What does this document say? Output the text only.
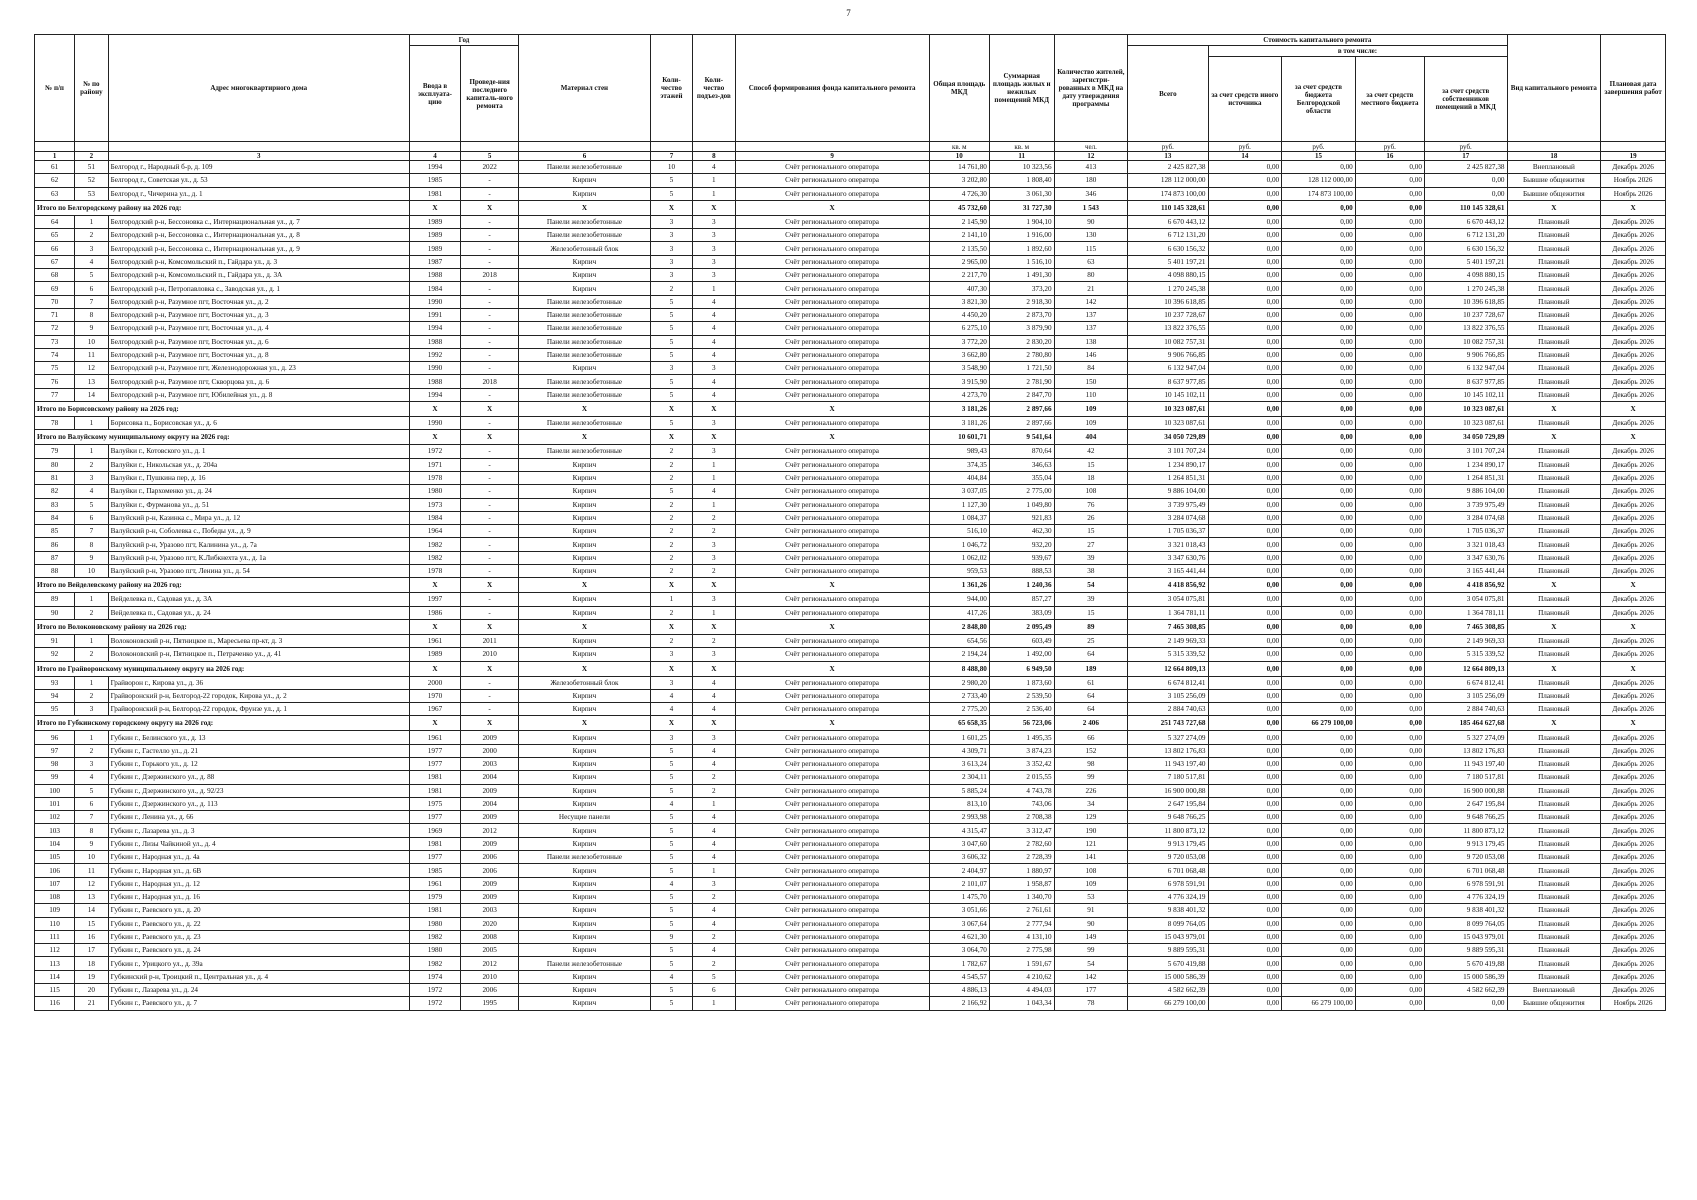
7
№ п/п	№ по району	Адрес многоквартирного дома	Год		Материал стен	Коли-чество этажей	Коли-чество подъез-дов	Способ формирования фонда капитального ремонта	Общая площадь МКД	Суммарная площадь жилых и нежилых помещений МКД	Количество жителей, зарегистри-рованных в МКД на дату утверждения программы	Стоимость капитального ремонта					Вид капитального ремонта	Плановая дата завершения работ
			Ввода в эксплуата-цию	Проведе-ния последнего капиталь-ного ремонта								Всего	в том числе:					
													за счет средств иного источника	за счет средств бюджета Белгородской области	за счет средств местного бюджета	за счет средств собственников помещений в МКД		
									кв. м	кв. м	чел.	руб.	руб.	руб.	руб.	руб.		
1	2	3	4	5	6	7	8	9	10	11	12	13	14	15	16	17	18	19
61	51	Белгород г., Народный б-р, д. 109	1994	2022	Панели железобетонные	10	4	Счёт регионального оператора	14 761,80	10 323,56	413	2 425 827,38	0,00	0,00	0,00	2 425 827,38	Внеплановый	Декабрь 2026
62	52	Белгород г., Советская ул., д. 53	1985	-	Кирпич	5	1	Счёт регионального оператора	3 202,80	1 808,40	180	128 112 000,00	0,00	128 112 000,00	0,00	0,00	Бывшие общежития	Ноябрь 2026
63	53	Белгород г., Чичерина ул., д. 1	1981	-	Кирпич	5	1	Счёт регионального оператора	4 726,30	3 061,30	346	174 873 100,00	0,00	174 873 100,00	0,00	0,00	Бывшие общежития	Ноябрь 2026
Итого по Белгородскому району на 2026 год:			X	X	X	X	X	X	45 732,60	31 727,30	1 543	110 145 328,61	0,00	0,00	0,00	110 145 328,61	X	X
64	1	Белгородский р-н, Бессоновка с., Интернациональная ул., д. 7	1989	-	Панели железобетонные	3	3	Счёт регионального оператора	2 145,90	1 904,10	90	6 670 443,12	0,00	0,00	0,00	6 670 443,12	Плановый	Декабрь 2026
65	2	Белгородский р-н, Бессоновка с., Интернациональная ул., д. 8	1989	-	Панели железобетонные	3	3	Счёт регионального оператора	2 141,10	1 916,00	130	6 712 131,20	0,00	0,00	0,00	6 712 131,20	Плановый	Декабрь 2026
66	3	Белгородский р-н, Бессоновка с., Интернациональная ул., д. 9	1989	-	Железобетонный блок	3	3	Счёт регионального оператора	2 135,50	1 892,60	115	6 630 156,32	0,00	0,00	0,00	6 630 156,32	Плановый	Декабрь 2026
67	4	Белгородский р-н, Комсомольский п., Гайдара ул., д. 3	1987	-	Кирпич	3	3	Счёт регионального оператора	2 965,00	1 516,10	63	5 401 197,21	0,00	0,00	0,00	5 401 197,21	Плановый	Декабрь 2026
68	5	Белгородский р-н, Комсомольский п., Гайдара ул., д. 3А	1988	2018	Кирпич	3	3	Счёт регионального оператора	2 217,70	1 491,30	80	4 098 880,15	0,00	0,00	0,00	4 098 880,15	Плановый	Декабрь 2026
69	6	Белгородский р-н, Петропавловка с., Заводская ул., д. 1	1984	-	Кирпич	2	1	Счёт регионального оператора	407,30	373,20	21	1 270 245,38	0,00	0,00	0,00	1 270 245,38	Плановый	Декабрь 2026
70	7	Белгородский р-н, Разумное пгт, Восточная ул., д. 2	1990	-	Панели железобетонные	5	4	Счёт регионального оператора	3 821,30	2 918,30	142	10 396 618,85	0,00	0,00	0,00	10 396 618,85	Плановый	Декабрь 2026
71	8	Белгородский р-н, Разумное пгт, Восточная ул., д. 3	1991	-	Панели железобетонные	5	4	Счёт регионального оператора	4 450,20	2 873,70	137	10 237 728,67	0,00	0,00	0,00	10 237 728,67	Плановый	Декабрь 2026
72	9	Белгородский р-н, Разумное пгт, Восточная ул., д. 4	1994	-	Панели железобетонные	5	4	Счёт регионального оператора	6 275,10	3 879,90	137	13 822 376,55	0,00	0,00	0,00	13 822 376,55	Плановый	Декабрь 2026
73	10	Белгородский р-н, Разумное пгт, Восточная ул., д. 6	1988	-	Панели железобетонные	5	4	Счёт регионального оператора	3 772,20	2 830,20	138	10 082 757,31	0,00	0,00	0,00	10 082 757,31	Плановый	Декабрь 2026
74	11	Белгородский р-н, Разумное пгт, Восточная ул., д. 8	1992	-	Панели железобетонные	5	4	Счёт регионального оператора	3 662,80	2 780,80	146	9 906 766,85	0,00	0,00	0,00	9 906 766,85	Плановый	Декабрь 2026
75	12	Белгородский р-н, Разумное пгт, Железнодорожная ул., д. 23	1990	-	Кирпич	3	3	Счёт регионального оператора	3 548,90	1 721,50	84	6 132 947,04	0,00	0,00	0,00	6 132 947,04	Плановый	Декабрь 2026
76	13	Белгородский р-н, Разумное пгт, Скворцова ул., д. 6	1988	2018	Панели железобетонные	5	4	Счёт регионального оператора	3 915,90	2 781,90	150	8 637 977,85	0,00	0,00	0,00	8 637 977,85	Плановый	Декабрь 2026
77	14	Белгородский р-н, Разумное пгт, Юбилейная ул., д. 8	1994	-	Панели железобетонные	5	4	Счёт регионального оператора	4 273,70	2 847,70	110	10 145 102,11	0,00	0,00	0,00	10 145 102,11	Плановый	Декабрь 2026
Итого по Борисовскому району на 2026 год:			X	X	X	X	X	X	3 181,26	2 897,66	109	10 323 087,61	0,00	0,00	0,00	10 323 087,61	X	X
78	1	Борисовка п., Борисовская ул., д. 6	1990	-	Панели железобетонные	5	3	Счёт регионального оператора	3 181,26	2 897,66	109	10 323 087,61	0,00	0,00	0,00	10 323 087,61	Плановый	Декабрь 2026
Итого по Валуйскому муниципальному округу на 2026 год:			X	X	X	X	X	X	10 601,71	9 541,64	404	34 050 729,89	0,00	0,00	0,00	34 050 729,89	X	X
79	1	Валуйки г., Котовского ул., д. 1	1972	-	Панели железобетонные	2	3	Счёт регионального оператора	989,43	870,64	42	3 101 707,24	0,00	0,00	0,00	3 101 707,24	Плановый	Декабрь 2026
80	2	Валуйки г., Никольская ул., д. 204а	1971	-	Кирпич	2	1	Счёт регионального оператора	374,35	346,63	15	1 234 890,17	0,00	0,00	0,00	1 234 890,17	Плановый	Декабрь 2026
81	3	Валуйки г., Пушкина пер, д. 16	1978	-	Кирпич	2	1	Счёт регионального оператора	404,84	355,04	18	1 264 851,31	0,00	0,00	0,00	1 264 851,31	Плановый	Декабрь 2026
82	4	Валуйки г., Пархоменко ул., д. 24	1980	-	Кирпич	5	4	Счёт регионального оператора	3 037,05	2 775,00	108	9 886 104,00	0,00	0,00	0,00	9 886 104,00	Плановый	Декабрь 2026
83	5	Валуйки г., Фурманова ул., д. 51	1973	-	Кирпич	2	1	Счёт регионального оператора	1 127,30	1 049,80	76	3 739 975,49	0,00	0,00	0,00	3 739 975,49	Плановый	Декабрь 2026
84	6	Валуйский р-н, Казинка с., Мира ул., д. 12	1984	-	Кирпич	2	2	Счёт регионального оператора	1 084,37	921,83	26	3 284 074,68	0,00	0,00	0,00	3 284 074,68	Плановый	Декабрь 2026
85	7	Валуйский р-н, Соболевка с., Победы ул., д. 9	1964	-	Кирпич	2	2	Счёт регионального оператора	516,10	462,30	15	1 705 036,37	0,00	0,00	0,00	1 705 036,37	Плановый	Декабрь 2026
86	8	Валуйский р-н, Уразово пгт, Калинина ул., д. 7а	1982	-	Кирпич	2	3	Счёт регионального оператора	1 046,72	932,20	27	3 321 018,43	0,00	0,00	0,00	3 321 018,43	Плановый	Декабрь 2026
87	9	Валуйский р-н, Уразово пгт, К.Либкнехта ул., д. 1а	1982	-	Кирпич	2	3	Счёт регионального оператора	1 062,02	939,67	39	3 347 630,76	0,00	0,00	0,00	3 347 630,76	Плановый	Декабрь 2026
88	10	Валуйский р-н, Уразово пгт, Ленина ул., д. 54	1978	-	Кирпич	2	2	Счёт регионального оператора	959,53	888,53	38	3 165 441,44	0,00	0,00	0,00	3 165 441,44	Плановый	Декабрь 2026
Итого по Вейделевскому району на 2026 год:			X	X	X	X	X	X	1 361,26	1 240,36	54	4 418 856,92	0,00	0,00	0,00	4 418 856,92	X	X
89	1	Вейделевка п., Садовая ул., д. 3А	1997	-	Кирпич	1	3	Счёт регионального оператора	944,00	857,27	39	3 054 075,81	0,00	0,00	0,00	3 054 075,81	Плановый	Декабрь 2026
90	2	Вейделевка п., Садовая ул., д. 24	1986	-	Кирпич	2	1	Счёт регионального оператора	417,26	383,09	15	1 364 781,11	0,00	0,00	0,00	1 364 781,11	Плановый	Декабрь 2026
Итого по Волоконовскому району на 2026 год:			X	X	X	X	X	X	2 848,80	2 095,49	89	7 465 308,85	0,00	0,00	0,00	7 465 308,85	X	X
91	1	Волоконовский р-н, Пятницкое п., Маресьева пр-кт, д. 3	1961	2011	Кирпич	2	2	Счёт регионального оператора	654,56	603,49	25	2 149 969,33	0,00	0,00	0,00	2 149 969,33	Плановый	Декабрь 2026
92	2	Волоконовский р-н, Пятницкое п., Петраченко ул., д. 41	1989	2010	Кирпич	3	3	Счёт регионального оператора	2 194,24	1 492,00	64	5 315 339,52	0,00	0,00	0,00	5 315 339,52	Плановый	Декабрь 2026
Итого по Грайворонскому муниципальному округу на 2026 год:			X	X	X	X	X	X	8 488,80	6 949,50	189	12 664 809,13	0,00	0,00	0,00	12 664 809,13	X	X
93	1	Грайворон г., Кирова ул., д. 36	2000	-	Железобетонный блок	3	4	Счёт регионального оператора	2 980,20	1 873,60	61	6 674 812,41	0,00	0,00	0,00	6 674 812,41	Плановый	Декабрь 2026
94	2	Грайворонский р-н, Белгород-22 городок, Кирова ул., д. 2	1970	-	Кирпич	4	4	Счёт регионального оператора	2 733,40	2 539,50	64	3 105 256,09	0,00	0,00	0,00	3 105 256,09	Плановый	Декабрь 2026
95	3	Грайворонский р-н, Белгород-22 городок, Фрунзе ул., д. 1	1967	-	Кирпич	4	4	Счёт регионального оператора	2 775,20	2 536,40	64	2 884 740,63	0,00	0,00	0,00	2 884 740,63	Плановый	Декабрь 2026
Итого по Губкинскому городскому округу на 2026 год:			X	X	X	X	X	X	65 658,35	56 723,06	2 406	251 743 727,68	0,00	66 279 100,00	0,00	185 464 627,68	X	X
96	1	Губкин г., Белинского ул., д. 13	1961	2009	Кирпич	3	3	Счёт регионального оператора	1 601,25	1 495,35	66	5 327 274,09	0,00	0,00	0,00	5 327 274,09	Плановый	Декабрь 2026
97	2	Губкин г., Гастелло ул., д. 21	1977	2000	Кирпич	5	4	Счёт регионального оператора	4 309,71	3 874,23	152	13 802 176,83	0,00	0,00	0,00	13 802 176,83	Плановый	Декабрь 2026
98	3	Губкин г., Горького ул., д. 12	1977	2003	Кирпич	5	4	Счёт регионального оператора	3 613,24	3 352,42	98	11 943 197,40	0,00	0,00	0,00	11 943 197,40	Плановый	Декабрь 2026
99	4	Губкин г., Дзержинского ул., д. 88	1981	2004	Кирпич	5	2	Счёт регионального оператора	2 304,11	2 015,55	99	7 180 517,81	0,00	0,00	0,00	7 180 517,81	Плановый	Декабрь 2026
100	5	Губкин г., Дзержинского ул., д. 92/23	1981	2009	Кирпич	5	2	Счёт регионального оператора	5 885,24	4 743,78	226	16 900 000,88	0,00	0,00	0,00	16 900 000,88	Плановый	Декабрь 2026
101	6	Губкин г., Дзержинского ул., д. 113	1975	2004	Кирпич	4	1	Счёт регионального оператора	813,10	743,06	34	2 647 195,84	0,00	0,00	0,00	2 647 195,84	Плановый	Декабрь 2026
102	7	Губкин г., Ленина ул., д. 66	1977	2009	Несущие панели	5	4	Счёт регионального оператора	2 993,98	2 708,38	129	9 648 766,25	0,00	0,00	0,00	9 648 766,25	Плановый	Декабрь 2026
103	8	Губкин г., Лазарева ул., д. 3	1969	2012	Кирпич	5	4	Счёт регионального оператора	4 315,47	3 312,47	190	11 800 873,12	0,00	0,00	0,00	11 800 873,12	Плановый	Декабрь 2026
104	9	Губкин г., Лизы Чайкиной ул., д. 4	1981	2009	Кирпич	5	4	Счёт регионального оператора	3 047,60	2 782,60	121	9 913 179,45	0,00	0,00	0,00	9 913 179,45	Плановый	Декабрь 2026
105	10	Губкин г., Народная ул., д. 4а	1977	2006	Панели железобетонные	5	4	Счёт регионального оператора	3 606,32	2 728,39	141	9 720 053,08	0,00	0,00	0,00	9 720 053,08	Плановый	Декабрь 2026
106	11	Губкин г., Народная ул., д. 6В	1985	2006	Кирпич	5	1	Счёт регионального оператора	2 404,97	1 880,97	108	6 701 068,48	0,00	0,00	0,00	6 701 068,48	Плановый	Декабрь 2026
107	12	Губкин г., Народная ул., д. 12	1961	2009	Кирпич	4	3	Счёт регионального оператора	2 101,07	1 958,87	109	6 978 591,91	0,00	0,00	0,00	6 978 591,91	Плановый	Декабрь 2026
108	13	Губкин г., Народная ул., д. 16	1979	2009	Кирпич	5	2	Счёт регионального оператора	1 475,70	1 340,70	53	4 776 324,19	0,00	0,00	0,00	4 776 324,19	Плановый	Декабрь 2026
109	14	Губкин г., Раевского ул., д. 20	1981	2003	Кирпич	5	4	Счёт регионального оператора	3 051,66	2 761,61	91	9 838 401,32	0,00	0,00	0,00	9 838 401,32	Плановый	Декабрь 2026
110	15	Губкин г., Раевского ул., д. 22	1980	2020	Кирпич	5	4	Счёт регионального оператора	3 067,64	2 777,94	90	8 099 764,05	0,00	0,00	0,00	8 099 764,05	Плановый	Декабрь 2026
111	16	Губкин г., Раевского ул., д. 23	1982	2008	Кирпич	9	2	Счёт регионального оператора	4 621,30	4 131,10	149	15 043 979,01	0,00	0,00	0,00	15 043 979,01	Плановый	Декабрь 2026
112	17	Губкин г., Раевского ул., д. 24	1980	2005	Кирпич	5	4	Счёт регионального оператора	3 064,70	2 775,98	99	9 889 595,31	0,00	0,00	0,00	9 889 595,31	Плановый	Декабрь 2026
113	18	Губкин г., Урицкого ул., д. 39а	1982	2012	Панели железобетонные	5	2	Счёт регионального оператора	1 782,67	1 591,67	54	5 670 419,88	0,00	0,00	0,00	5 670 419,88	Плановый	Декабрь 2026
114	19	Губкинский р-н, Троицкий п., Центральная ул., д. 4	1974	2010	Кирпич	4	5	Счёт регионального оператора	4 545,57	4 210,62	142	15 000 586,39	0,00	0,00	0,00	15 000 586,39	Плановый	Декабрь 2026
115	20	Губкин г., Лазарева ул., д. 24	1972	2006	Кирпич	5	6	Счёт регионального оператора	4 886,13	4 494,03	177	4 582 662,39	0,00	0,00	0,00	4 582 662,39	Внеплановый	Декабрь 2026
116	21	Губкин г., Раевского ул., д. 7	1972	1995	Кирпич	5	1	Счёт регионального оператора	2 166,92	1 043,34	78	66 279 100,00	0,00	66 279 100,00	0,00	0,00	Бывшие общежития	Ноябрь 2026
